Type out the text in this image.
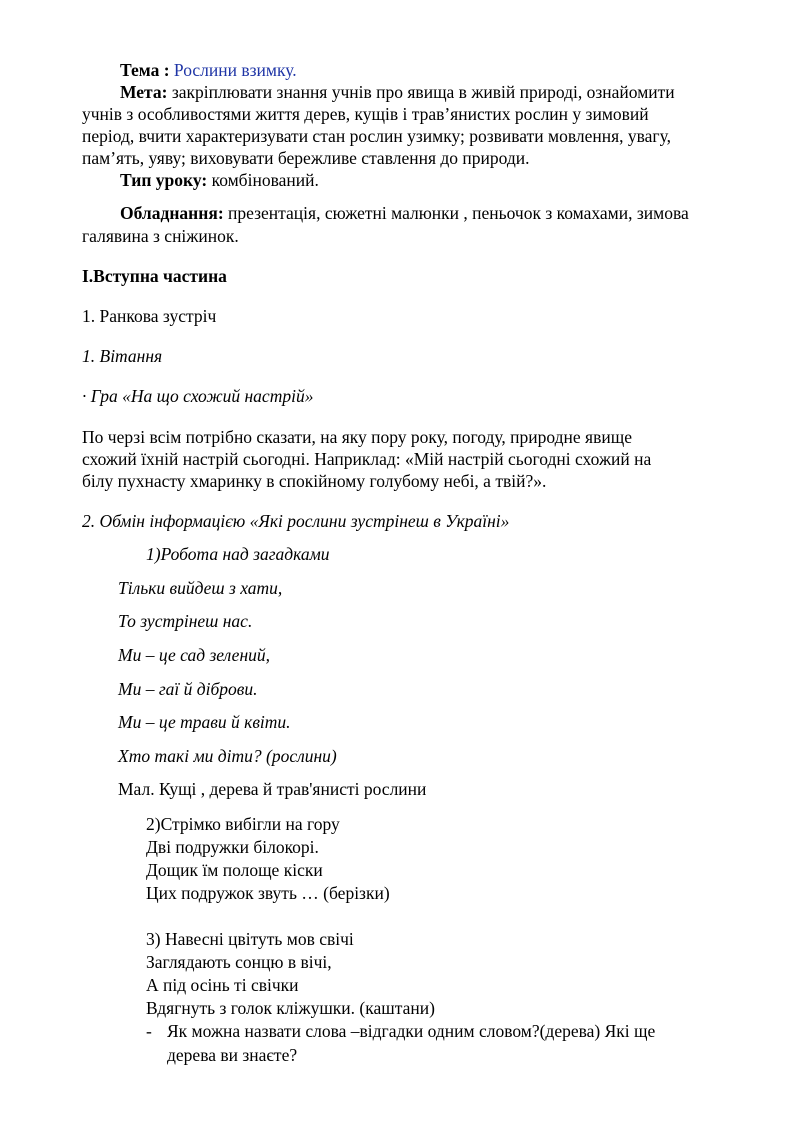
Тема : Рослини взимку.

Мета: закріплювати знання учнів про явища в живій природі, ознайомити

учнів з особливостями життя дерев, кущів і трав’янистих рослин у зимовий

період, вчити характеризувати стан рослин узимку; розвивати мовлення, увагу,

пам’ять, уяву; виховувати бережливе ставлення до природи.

Тип уроку: комбінований.

Обладнання: презентація, сюжетні малюнки , пеньочок з комахами, зимова

галявина з сніжинок.

І.Вступна частина

1. Ранкова зустріч

1. Вітання

· Гра «На що схожий настрій»

По черзі всім потрібно сказати, на яку пору року, погоду, природне явище

схожий їхній настрій сьогодні. Наприклад: «Мій настрій сьогодні схожий на

білу пухнасту хмаринку в спокійному голубому небі, а твій?».

2. Обмін інформацією «Які рослини зустрінеш в Україні»

1)Робота над загадками

Тільки вийдеш з хати,

То зустрінеш нас.

Ми – це сад зелений,

Ми – гаї й діброви.

Ми – це трави й квіти.

Хто такі ми діти? (рослини)

Мал. Кущі , дерева й трав'янисті рослини

2)Стрімко вибігли на гору

Дві подружки білокорі.

Дощик їм полоще кіски

Цих подружок звуть … (берізки)

3) Навесні цвітуть мов свічі

Заглядають сонцю в вічі,

А під осінь ті свічки

Вдягнуть з голок кліжушки. (каштани)

- Як можна назвати слова –відгадки одним словом?(дерева) Які ще

дерева ви знаєте?
